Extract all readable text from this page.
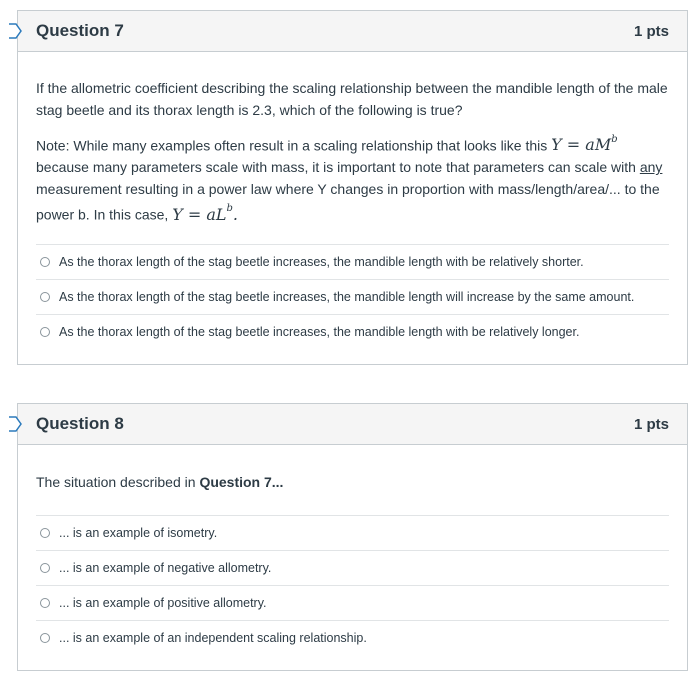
Question 7	1 pts

If the allometric coefficient describing the scaling relationship between the mandible length of the male stag beetle and its thorax length is 2.3, which of the following is true?

Note: While many examples often result in a scaling relationship that looks like this $Y = aM^b$ because many parameters scale with mass, it is important to note that parameters can scale with any measurement resulting in a power law where Y changes in proportion with mass/length/area/... to the power b. In this case, $Y = aL^b$.

As the thorax length of the stag beetle increases, the mandible length with be relatively shorter.
As the thorax length of the stag beetle increases, the mandible length will increase by the same amount.
As the thorax length of the stag beetle increases, the mandible length with be relatively longer.
Question 8	1 pts

The situation described in Question 7...

... is an example of isometry.
... is an example of negative allometry.
... is an example of positive allometry.
... is an example of an independent scaling relationship.
